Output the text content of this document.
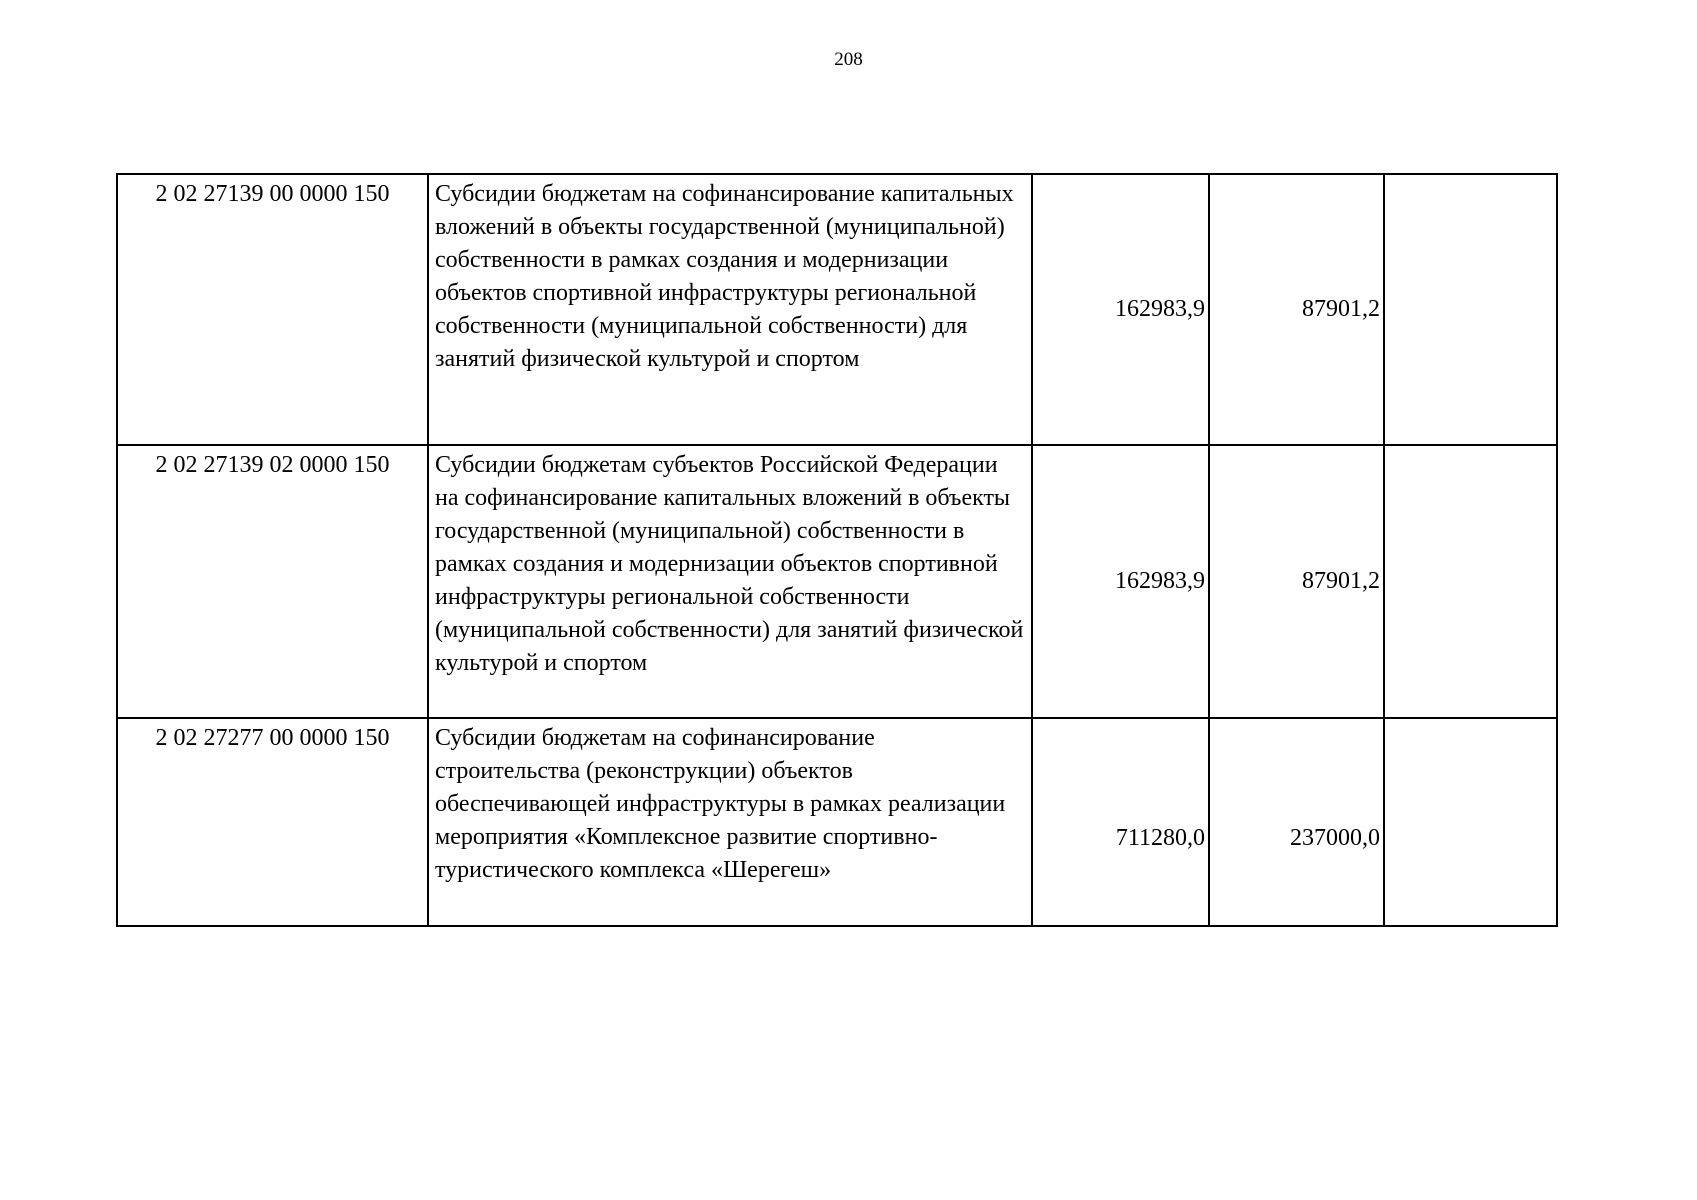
208
2 02 27139 00 0000 150	Субсидии бюджетам на софинансирование капитальных вложений в объекты государственной (муниципальной) собственности в рамках создания и модернизации объектов спортивной инфраструктуры региональной собственности (муниципальной собственности) для занятий физической культурой и спортом	162983,9	87901,2	
2 02 27139 02 0000 150	Субсидии бюджетам субъектов Российской Федерации на софинансирование капитальных вложений в объекты государственной (муниципальной) собственности в рамках создания и модернизации объектов спортивной инфраструктуры региональной собственности (муниципальной собственности) для занятий физической культурой и спортом	162983,9	87901,2	
2 02 27277 00 0000 150	Субсидии бюджетам на софинансирование строительства (реконструкции) объектов обеспечивающей инфраструктуры в рамках реализации мероприятия «Комплексное развитие спортивно-туристического комплекса «Шерегеш»	711280,0	237000,0	
